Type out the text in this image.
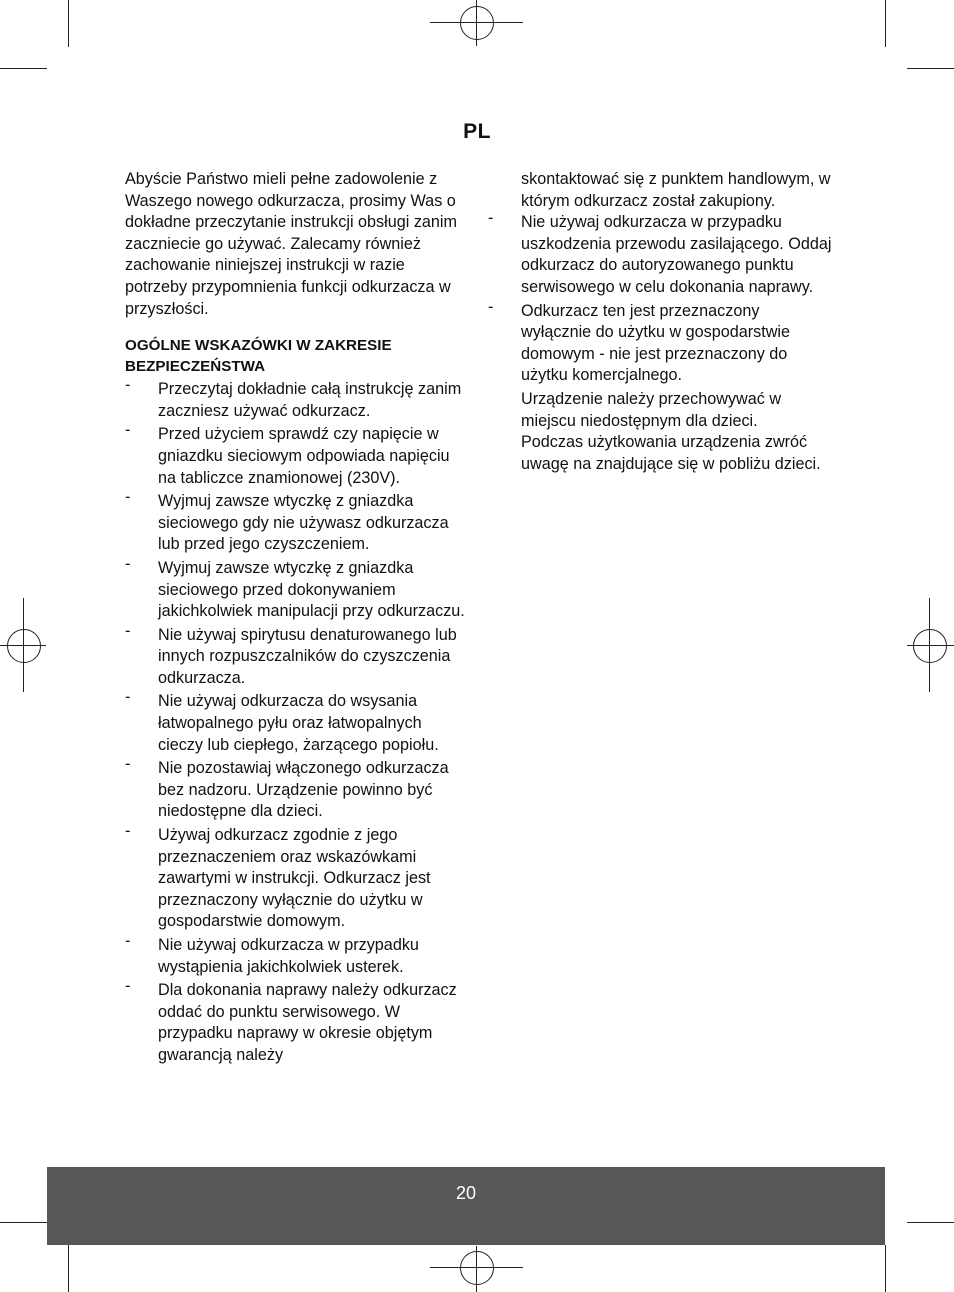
PL

Abyście Państwo mieli pełne zadowolenie z Waszego nowego odkurzacza, prosimy Was o dokładne przeczytanie instrukcji obsługi zanim zaczniecie go używać. Zalecamy również zachowanie niniejszej instrukcji w razie potrzeby przypomnienia funkcji odkurzacza w przyszłości.

OGÓLNE WSKAZÓWKI W ZAKRESIE BEZPIECZEŃSTWA

- Przeczytaj dokładnie całą instrukcję zanim zaczniesz używać odkurzacz.
- Przed użyciem sprawdź czy napięcie w gniazdku sieciowym odpowiada napięciu na tabliczce znamionowej (230V).
- Wyjmuj zawsze wtyczkę z gniazdka sieciowego gdy nie używasz odkurzacza lub przed jego czyszczeniem.
- Wyjmuj zawsze wtyczkę z gniazdka sieciowego przed dokonywaniem jakichkolwiek manipulacji przy odkurzaczu.
- Nie używaj spirytusu denaturowanego lub innych rozpuszczalników do czyszczenia odkurzacza.
- Nie używaj odkurzacza do wsysania łatwopalnego pyłu oraz łatwopalnych cieczy lub ciepłego, żarzącego popiołu.
- Nie pozostawiaj włączonego odkurzacza bez nadzoru. Urządzenie powinno być niedostępne dla dzieci.
- Używaj odkurzacz zgodnie z jego przeznaczeniem oraz wskazówkami zawartymi w instrukcji. Odkurzacz jest przeznaczony wyłącznie do użytku w gospodarstwie domowym.
- Nie używaj odkurzacza w przypadku wystąpienia jakichkolwiek usterek.
- Dla dokonania naprawy należy odkurzacz oddać do punktu serwisowego. W przypadku naprawy w okresie objętym gwarancją należy

skontaktować się z punktem handlowym, w którym odkurzacz został zakupiony.

- Nie używaj odkurzacza w przypadku uszkodzenia przewodu zasilającego. Oddaj odkurzacz do autoryzowanego punktu serwisowego w celu dokonania naprawy.
- Odkurzacz ten jest przeznaczony wyłącznie do użytku w gospodarstwie domowym - nie jest przeznaczony do użytku komercjalnego.

Urządzenie należy przechowywać w miejscu niedostępnym dla dzieci.

Podczas użytkowania urządzenia zwróć uwagę na znajdujące się w pobliżu dzieci.

20
